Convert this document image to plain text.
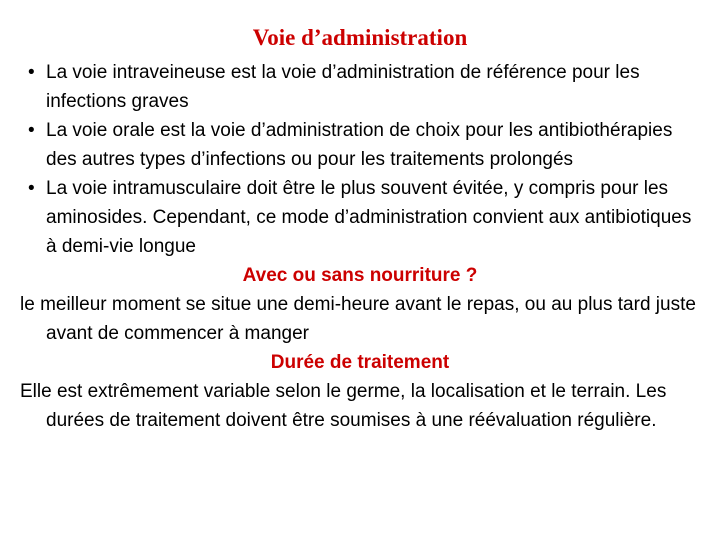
Voie d’administration
• La voie intraveineuse est la voie d’administration de référence pour les infections graves
• La voie orale est la voie d’administration de choix pour les antibiothérapies des autres types d’infections ou pour les traitements prolongés
• La voie intramusculaire doit être le plus souvent évitée, y compris pour les aminosides. Cependant, ce mode d’administration convient aux antibiotiques à demi-vie longue

Avec ou sans nourriture ?

le meilleur moment se situe une demi-heure avant le repas, ou au plus tard juste avant de commencer à manger

Durée de traitement

Elle est extrêmement variable selon le germe, la localisation et le terrain. Les durées de traitement doivent être soumises à une réévaluation régulière.
